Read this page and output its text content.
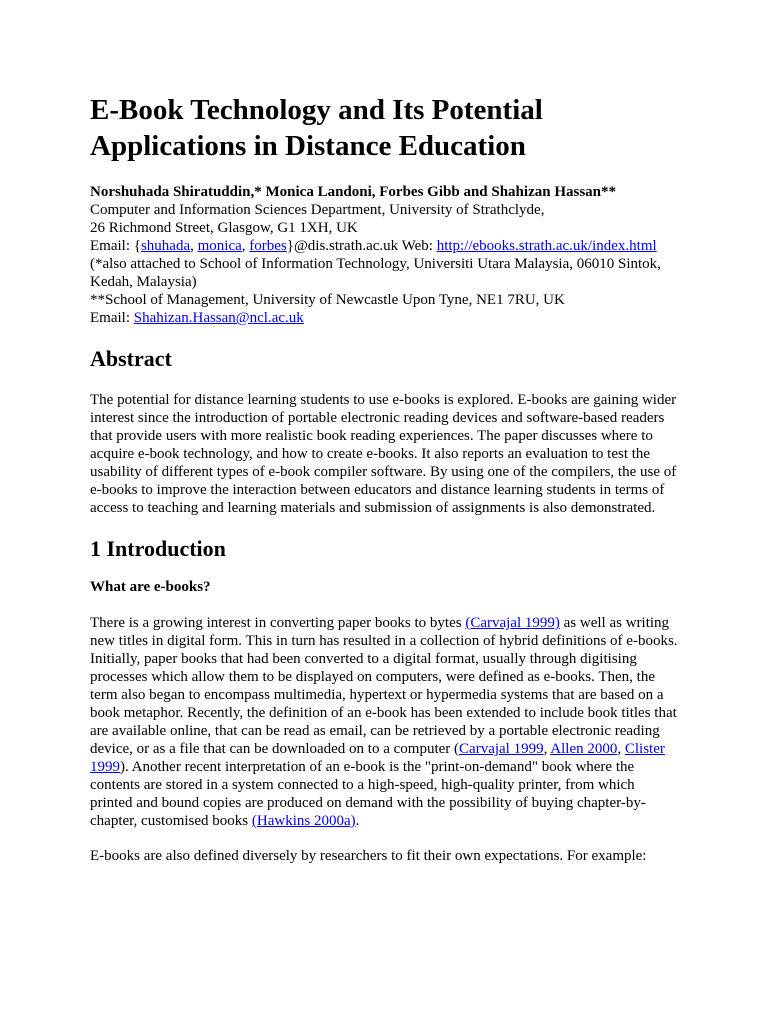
E-Book Technology and Its Potential
Applications in Distance Education

Norshuhada Shiratuddin,* Monica Landoni, Forbes Gibb and Shahizan Hassan**

Computer and Information Sciences Department, University of Strathclyde,
26 Richmond Street, Glasgow, G1 1XH, UK
Email: {shuhada, monica, forbes}@dis.strath.ac.uk Web: http://ebooks.strath.ac.uk/index.html
(*also attached to School of Information Technology, Universiti Utara Malaysia, 06010 Sintok,
Kedah, Malaysia)
**School of Management, University of Newcastle Upon Tyne, NE1 7RU, UK
Email: Shahizan.Hassan@ncl.ac.uk
Abstract

The potential for distance learning students to use e-books is explored. E-books are gaining wider interest since the introduction of portable electronic reading devices and software-based readers that provide users with more realistic book reading experiences. The paper discusses where to acquire e-book technology, and how to create e-books. It also reports an evaluation to test the usability of different types of e-book compiler software. By using one of the compilers, the use of e-books to improve the interaction between educators and distance learning students in terms of access to teaching and learning materials and submission of assignments is also demonstrated.

1 Introduction
What are e-books?

There is a growing interest in converting paper books to bytes (Carvajal 1999) as well as writing new titles in digital form. This in turn has resulted in a collection of hybrid definitions of e-books. Initially, paper books that had been converted to a digital format, usually through digitising processes which allow them to be displayed on computers, were defined as e-books. Then, the term also began to encompass multimedia, hypertext or hypermedia systems that are based on a book metaphor. Recently, the definition of an e-book has been extended to include book titles that are available online, that can be read as email, can be retrieved by a portable electronic reading device, or as a file that can be downloaded on to a computer (Carvajal 1999, Allen 2000, Clister 1999). Another recent interpretation of an e-book is the "print-on-demand" book where the contents are stored in a system connected to a high-speed, high-quality printer, from which printed and bound copies are produced on demand with the possibility of buying chapter-by-chapter, customised books (Hawkins 2000a).

E-books are also defined diversely by researchers to fit their own expectations. For example:
